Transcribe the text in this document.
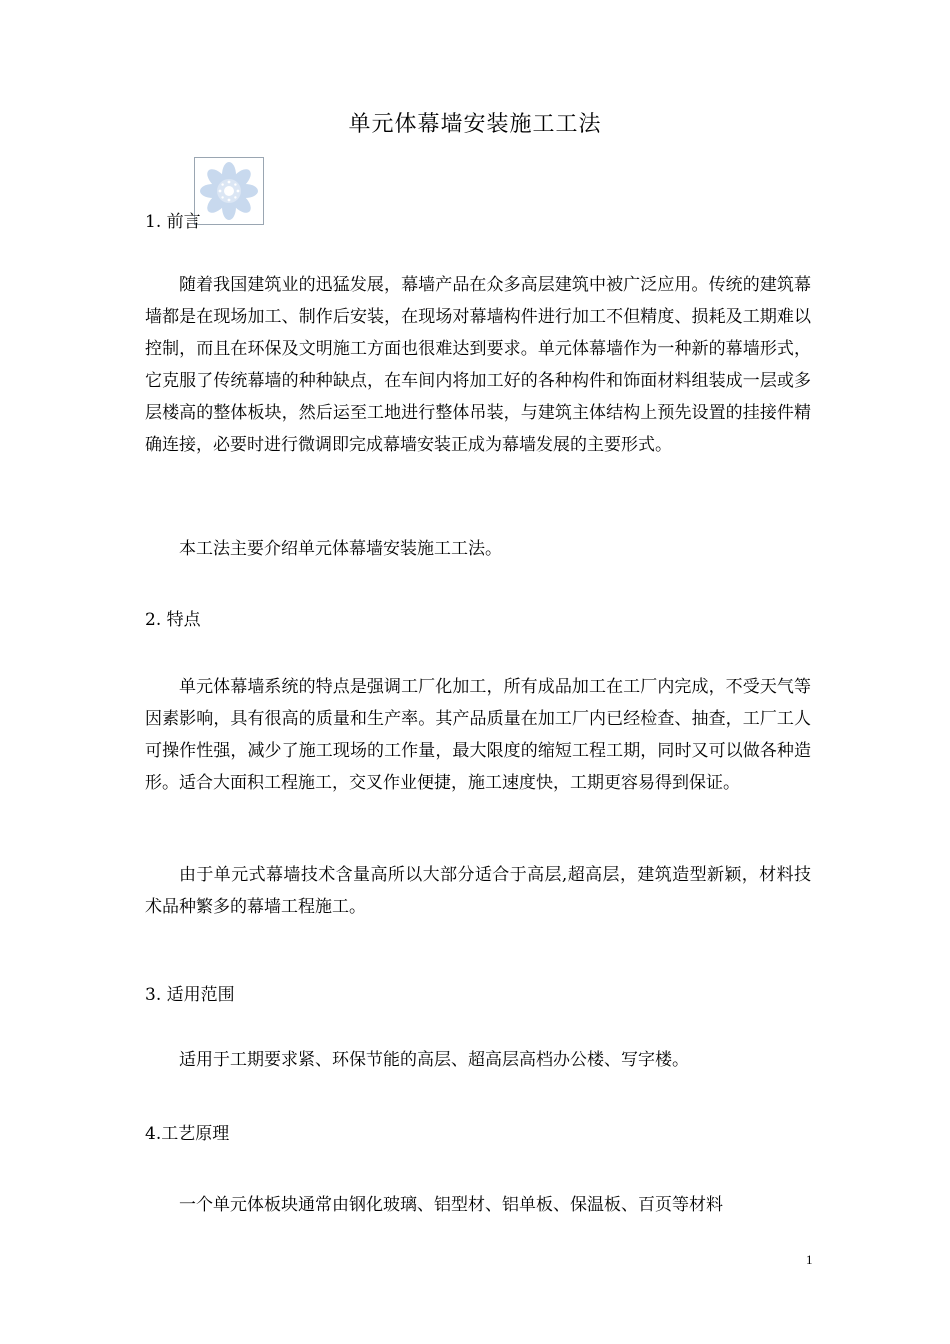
单元体幕墙安装施工工法
1. 前言

随着我国建筑业的迅猛发展，幕墙产品在众多高层建筑中被广泛应用。传统的建筑幕墙都是在现场加工、制作后安装，在现场对幕墙构件进行加工不但精度、损耗及工期难以控制，而且在环保及文明施工方面也很难达到要求。单元体幕墙作为一种新的幕墙形式，它克服了传统幕墙的种种缺点，在车间内将加工好的各种构件和饰面材料组装成一层或多层楼高的整体板块，然后运至工地进行整体吊装，与建筑主体结构上预先设置的挂接件精确连接，必要时进行微调即完成幕墙安装正成为幕墙发展的主要形式。

本工法主要介绍单元体幕墙安装施工工法。

2. 特点

单元体幕墙系统的特点是强调工厂化加工，所有成品加工在工厂内完成，不受天气等因素影响，具有很高的质量和生产率。其产品质量在加工厂内已经检查、抽查，工厂工人可操作性强，减少了施工现场的工作量，最大限度的缩短工程工期，同时又可以做各种造形。适合大面积工程施工，交叉作业便捷，施工速度快，工期更容易得到保证。

由于单元式幕墙技术含量高所以大部分适合于高层,超高层，建筑造型新颖，材料技术品种繁多的幕墙工程施工。

3. 适用范围

适用于工期要求紧、环保节能的高层、超高层高档办公楼、写字楼。

4.工艺原理

一个单元体板块通常由钢化玻璃、铝型材、铝单板、保温板、百页等材料

1
